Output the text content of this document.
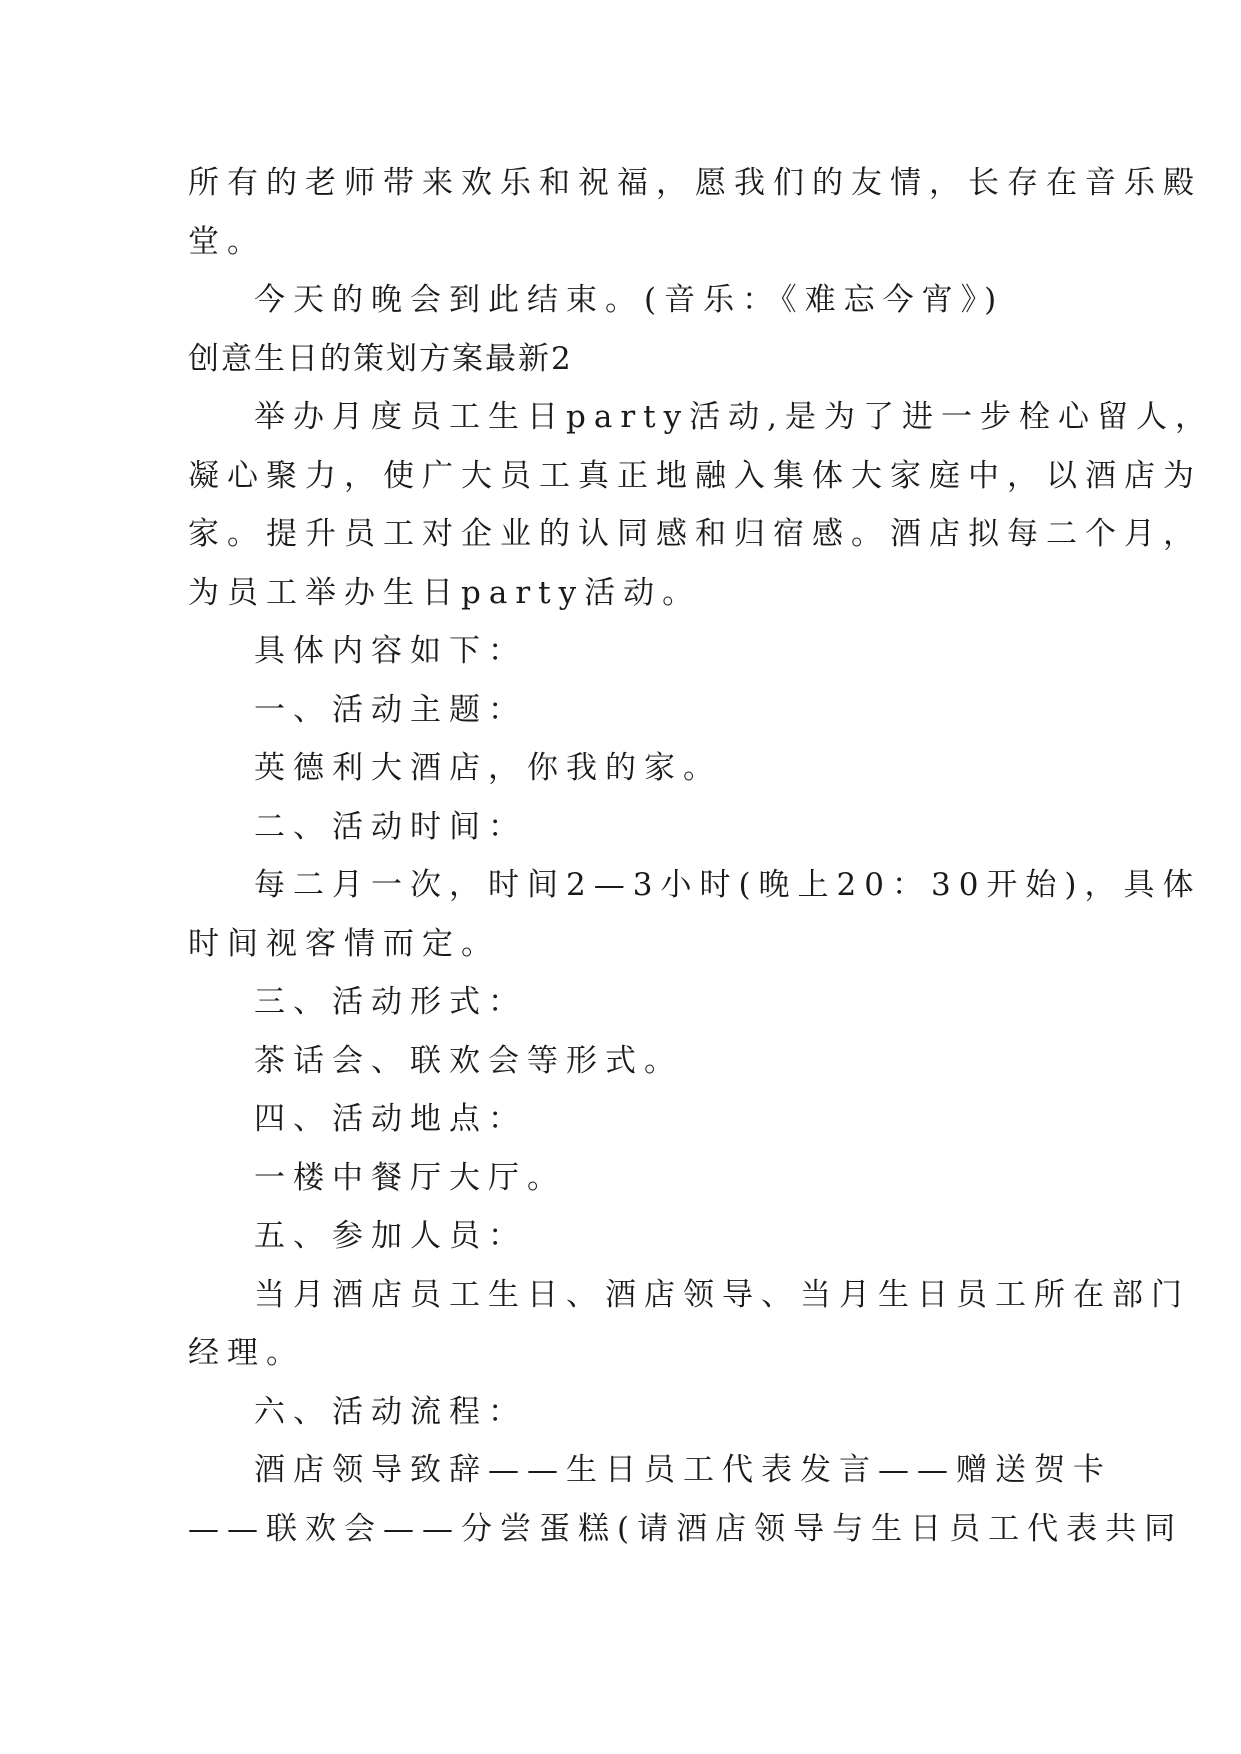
所有的老师带来欢乐和祝福，愿我们的友情，长存在音乐殿

堂。

今天的晚会到此结束。(音乐：《难忘今宵》)

创意生日的策划方案最新2

举办月度员工生日party活动,是为了进一步栓心留人，

凝心聚力，使广大员工真正地融入集体大家庭中，以酒店为

家。提升员工对企业的认同感和归宿感。酒店拟每二个月，

为员工举办生日party活动。

具体内容如下：

一、活动主题：

英德利大酒店，你我的家。

二、活动时间：

每二月一次，时间2—3小时(晚上20：30开始)，具体

时间视客情而定。

三、活动形式：

茶话会、联欢会等形式。

四、活动地点：

一楼中餐厅大厅。

五、参加人员：

当月酒店员工生日、酒店领导、当月生日员工所在部门

经理。

六、活动流程：

酒店领导致辞——生日员工代表发言——赠送贺卡

——联欢会——分尝蛋糕(请酒店领导与生日员工代表共同
